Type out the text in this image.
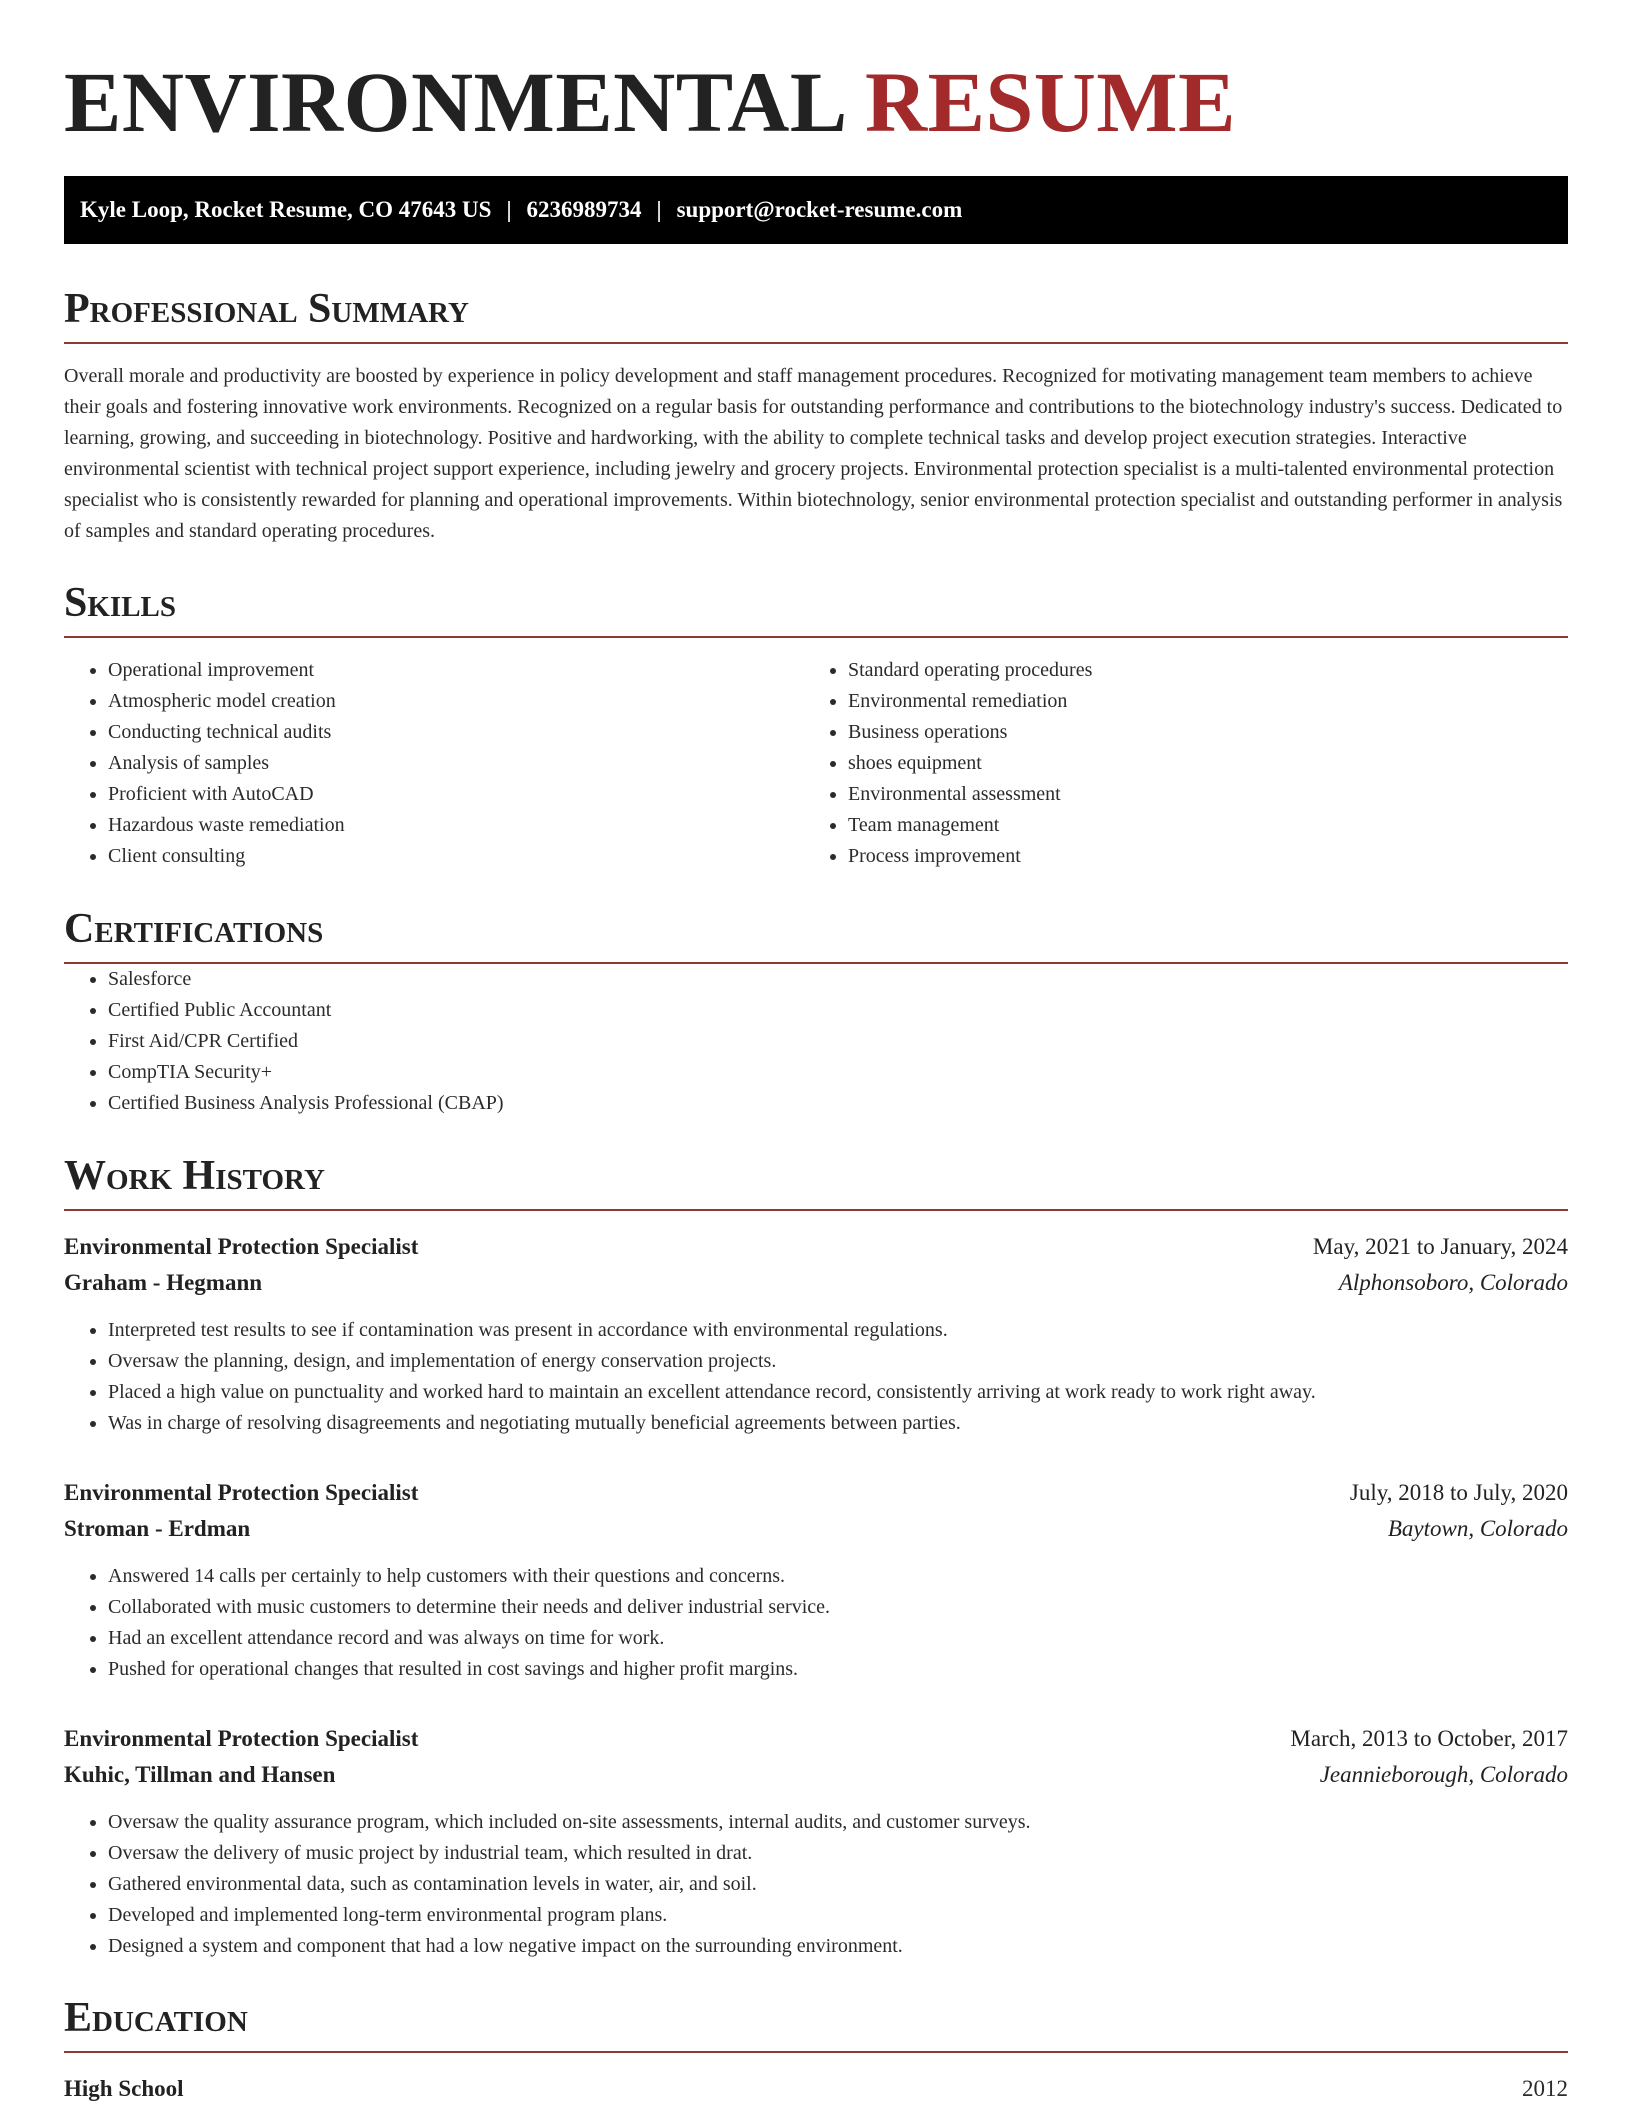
ENVIRONMENTAL RESUME
Kyle Loop, Rocket Resume, CO 47643 US | 6236989734 | support@rocket-resume.com
Professional Summary

Overall morale and productivity are boosted by experience in policy development and staff management procedures. Recognized for motivating management team members to achieve their goals and fostering innovative work environments. Recognized on a regular basis for outstanding performance and contributions to the biotechnology industry's success. Dedicated to learning, growing, and succeeding in biotechnology. Positive and hardworking, with the ability to complete technical tasks and develop project execution strategies. Interactive environmental scientist with technical project support experience, including jewelry and grocery projects. Environmental protection specialist is a multi-talented environmental protection specialist who is consistently rewarded for planning and operational improvements. Within biotechnology, senior environmental protection specialist and outstanding performer in analysis of samples and standard operating procedures.

Skills
• Operational improvement
• Atmospheric model creation
• Conducting technical audits
• Analysis of samples
• Proficient with AutoCAD
• Hazardous waste remediation
• Client consulting
• Standard operating procedures
• Environmental remediation
• Business operations
• shoes equipment
• Environmental assessment
• Team management
• Process improvement
Certifications
• Salesforce
• Certified Public Accountant
• First Aid/CPR Certified
• CompTIA Security+
• Certified Business Analysis Professional (CBAP)
Work History
Environmental Protection Specialist	May, 2021 to January, 2024
Graham - Hegmann	Alphonsoboro, Colorado
• Interpreted test results to see if contamination was present in accordance with environmental regulations.
• Oversaw the planning, design, and implementation of energy conservation projects.
• Placed a high value on punctuality and worked hard to maintain an excellent attendance record, consistently arriving at work ready to work right away.
• Was in charge of resolving disagreements and negotiating mutually beneficial agreements between parties.
Environmental Protection Specialist	July, 2018 to July, 2020
Stroman - Erdman	Baytown, Colorado
• Answered 14 calls per certainly to help customers with their questions and concerns.
• Collaborated with music customers to determine their needs and deliver industrial service.
• Had an excellent attendance record and was always on time for work.
• Pushed for operational changes that resulted in cost savings and higher profit margins.
Environmental Protection Specialist	March, 2013 to October, 2017
Kuhic, Tillman and Hansen	Jeannieborough, Colorado
• Oversaw the quality assurance program, which included on-site assessments, internal audits, and customer surveys.
• Oversaw the delivery of music project by industrial team, which resulted in drat.
• Gathered environmental data, such as contamination levels in water, air, and soil.
• Developed and implemented long-term environmental program plans.
• Designed a system and component that had a low negative impact on the surrounding environment.
Education
High School	2012
